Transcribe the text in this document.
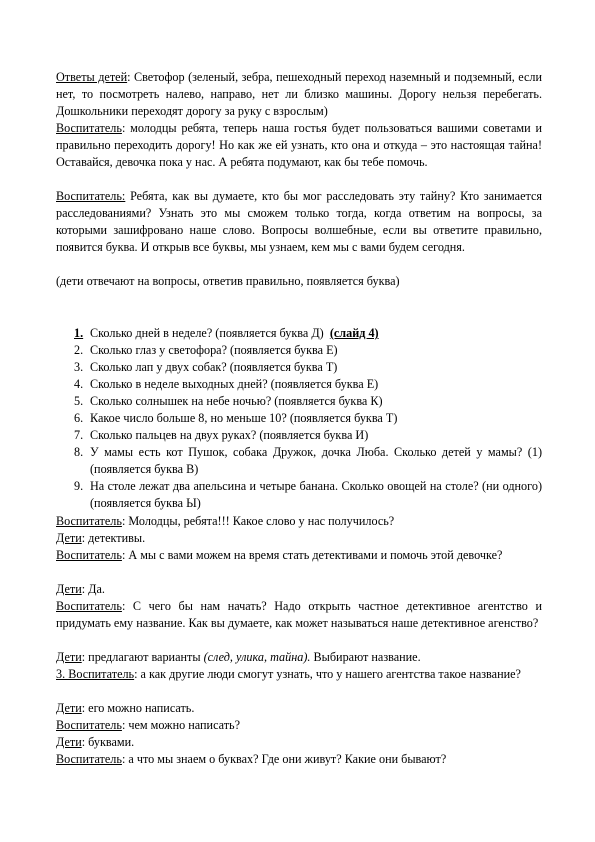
Ответы детей: Светофор (зеленый, зебра, пешеходный переход наземный и подземный, если нет, то посмотреть налево, направо, нет ли близко машины. Дорогу нельзя перебегать. Дошкольники переходят дорогу за руку с взрослым)
Воспитатель: молодцы ребята, теперь наша гостья будет пользоваться вашими советами и правильно переходить дорогу! Но как же ей узнать, кто она и откуда – это настоящая тайна! Оставайся, девочка пока у нас. А ребята подумают, как бы тебе помочь.
Воспитатель: Ребята, как вы думаете, кто бы мог расследовать эту тайну? Кто занимается расследованиями? Узнать это мы сможем только тогда, когда ответим на вопросы, за которыми зашифровано наше слово. Вопросы волшебные, если вы ответите правильно, появится буква. И открыв все буквы, мы узнаем, кем мы с вами будем сегодня.
(дети отвечают на вопросы, ответив правильно, появляется буква)
1. Сколько дней в неделе? (появляется буква Д) (слайд 4)
2. Сколько глаз у светофора? (появляется буква Е)
3. Сколько лап у двух собак? (появляется буква Т)
4. Сколько в неделе выходных дней? (появляется буква Е)
5. Сколько солнышек на небе ночью? (появляется буква К)
6. Какое число больше 8, но меньше 10? (появляется буква Т)
7. Сколько пальцев на двух руках? (появляется буква И)
8. У мамы есть кот Пушок, собака Дружок, дочка Люба. Сколько детей у мамы? (1) (появляется буква В)
9. На столе лежат два апельсина и четыре банана. Сколько овощей на столе? (ни одного) (появляется буква Ы)
Воспитатель: Молодцы, ребята!!! Какое слово у нас получилось?
Дети: детективы.
Воспитатель: А мы с вами можем на время стать детективами и помочь этой девочке?
Дети: Да.
Воспитатель: С чего бы нам начать? Надо открыть частное детективное агентство и придумать ему название. Как вы думаете, как может называться наше детективное агенство?
Дети: предлагают варианты (след, улика, тайна). Выбирают название.
3. Воспитатель: а как другие люди смогут узнать, что у нашего агентства такое название?
Дети: его можно написать.
Воспитатель: чем можно написать?
Дети: буквами.
Воспитатель: а что мы знаем о буквах? Где они живут? Какие они бывают?
